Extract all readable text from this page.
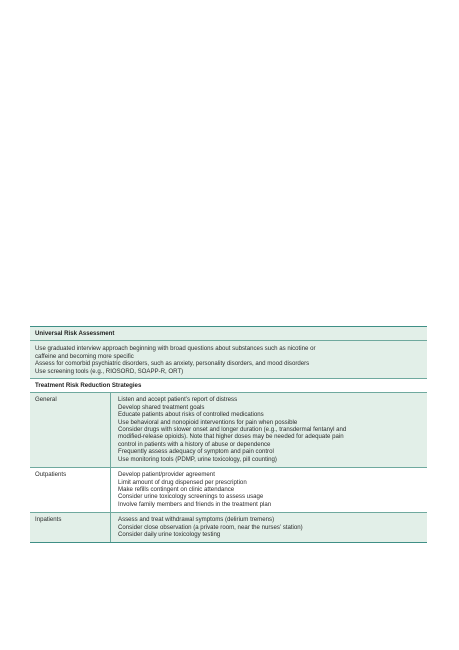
Universal Risk Assessment
Use graduated interview approach beginning with broad questions about substances such as nicotine or
caffeine and becoming more specific
Assess for comorbid psychiatric disorders, such as anxiety, personality disorders, and mood disorders
Use screening tools (e.g., RIOSORD, SOAPP-R, ORT)
Treatment Risk Reduction Strategies
General	Listen and accept patient’s report of distress
Develop shared treatment goals
Educate patients about risks of controlled medications
Use behavioral and nonopioid interventions for pain when possible
Consider drugs with slower onset and longer duration (e.g., transdermal fentanyl and
modified-release opioids). Note that higher doses may be needed for adequate pain
control in patients with a history of abuse or dependence
Frequently assess adequacy of symptom and pain control
Use monitoring tools (PDMP, urine toxicology, pill counting)
Outpatients	Develop patient/provider agreement
Limit amount of drug dispensed per prescription
Make refills contingent on clinic attendance
Consider urine toxicology screenings to assess usage
Involve family members and friends in the treatment plan
Inpatients	Assess and treat withdrawal symptoms (delirium tremens)
Consider close observation (a private room, near the nurses’ station)
Consider daily urine toxicology testing
